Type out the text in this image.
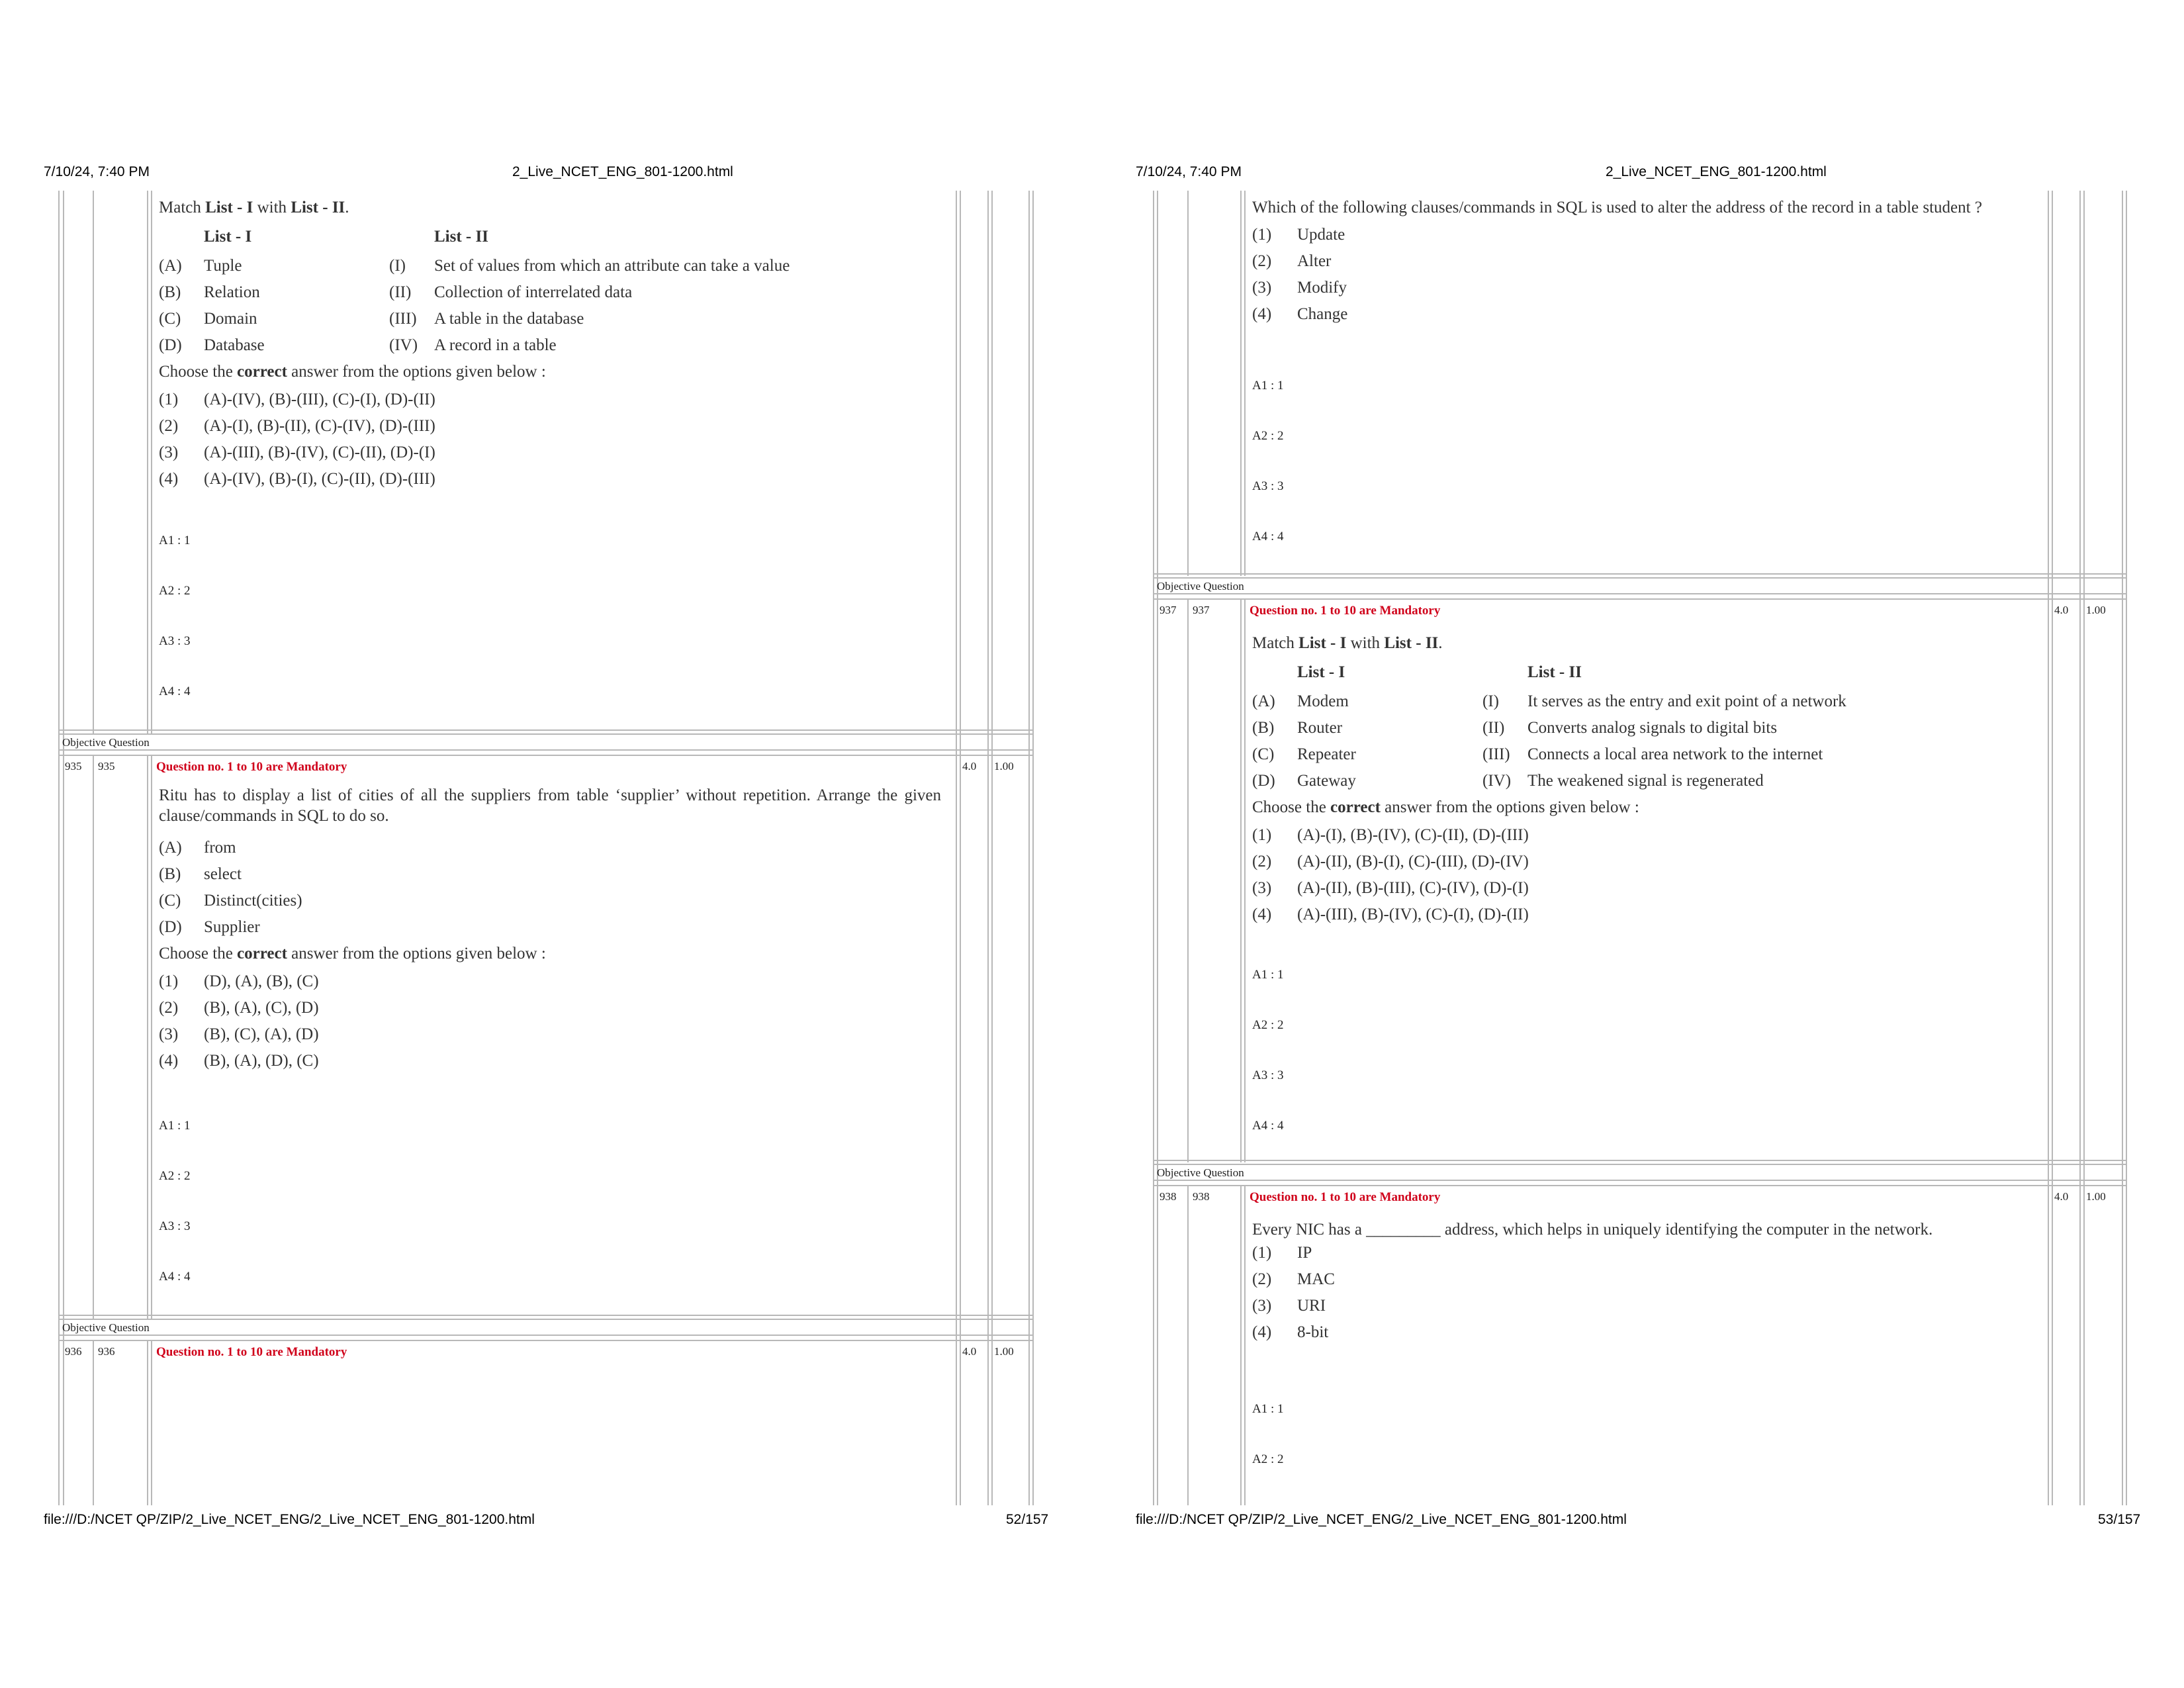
7/10/24, 7:40 PM	2_Live_NCET_ENG_801-1200.html
Match List - I with List - II.
List - I	List - II
(A)	Tuple	(I)	Set of values from which an attribute can take a value
(B)	Relation	(II)	Collection of interrelated data
(C)	Domain	(III)	A table in the database
(D)	Database	(IV) A record in a table
Choose the correct answer from the options given below :
(1)	(A)-(IV), (B)-(III), (C)-(I), (D)-(II)
(2)	(A)-(I), (B)-(II), (C)-(IV), (D)-(III)
(3)	(A)-(III), (B)-(IV), (C)-(II), (D)-(I)
(4)	(A)-(IV), (B)-(I), (C)-(II), (D)-(III)
A1 : 1
A2 : 2
A3 : 3
A4 : 4
Objective Question
935 935	Question no. 1 to 10 are Mandatory	4.0 1.00
Ritu has to display a list of cities of all the suppliers from table ‘supplier’ without repetition. Arrange the given clause/commands in SQL to do so.
(A)	from
(B)	select
(C)	Distinct(cities)
(D)	Supplier
Choose the correct answer from the options given below :
(1)	(D), (A), (B), (C)
(2)	(B), (A), (C), (D)
(3)	(B), (C), (A), (D)
(4)	(B), (A), (D), (C)
A1 : 1
A2 : 2
A3 : 3
A4 : 4
Objective Question
936 936	Question no. 1 to 10 are Mandatory	4.0 1.00
file:///D:/NCET QP/ZIP/2_Live_NCET_ENG/2_Live_NCET_ENG_801-1200.html	52/157
7/10/24, 7:40 PM	2_Live_NCET_ENG_801-1200.html
Which of the following clauses/commands in SQL is used to alter the address of the record in a table student ?
(1)	Update
(2)	Alter
(3)	Modify
(4)	Change
A1 : 1
A2 : 2
A3 : 3
A4 : 4
Objective Question
937 937	Question no. 1 to 10 are Mandatory	4.0 1.00
Match List - I with List - II.
List - I	List - II
(A)	Modem	(I)	It serves as the entry and exit point of a network
(B)	Router	(II)	Converts analog signals to digital bits
(C)	Repeater	(III)	Connects a local area network to the internet
(D)	Gateway	(IV) The weakened signal is regenerated
Choose the correct answer from the options given below :
(1)	(A)-(I), (B)-(IV), (C)-(II), (D)-(III)
(2)	(A)-(II), (B)-(I), (C)-(III), (D)-(IV)
(3)	(A)-(II), (B)-(III), (C)-(IV), (D)-(I)
(4)	(A)-(III), (B)-(IV), (C)-(I), (D)-(II)
A1 : 1
A2 : 2
A3 : 3
A4 : 4
Objective Question
938 938	Question no. 1 to 10 are Mandatory	4.0 1.00
Every NIC has a _________ address, which helps in uniquely identifying the computer in the network.
(1)	IP
(2)	MAC
(3)	URI
(4)	8-bit
A1 : 1
A2 : 2
file:///D:/NCET QP/ZIP/2_Live_NCET_ENG/2_Live_NCET_ENG_801-1200.html	53/157
